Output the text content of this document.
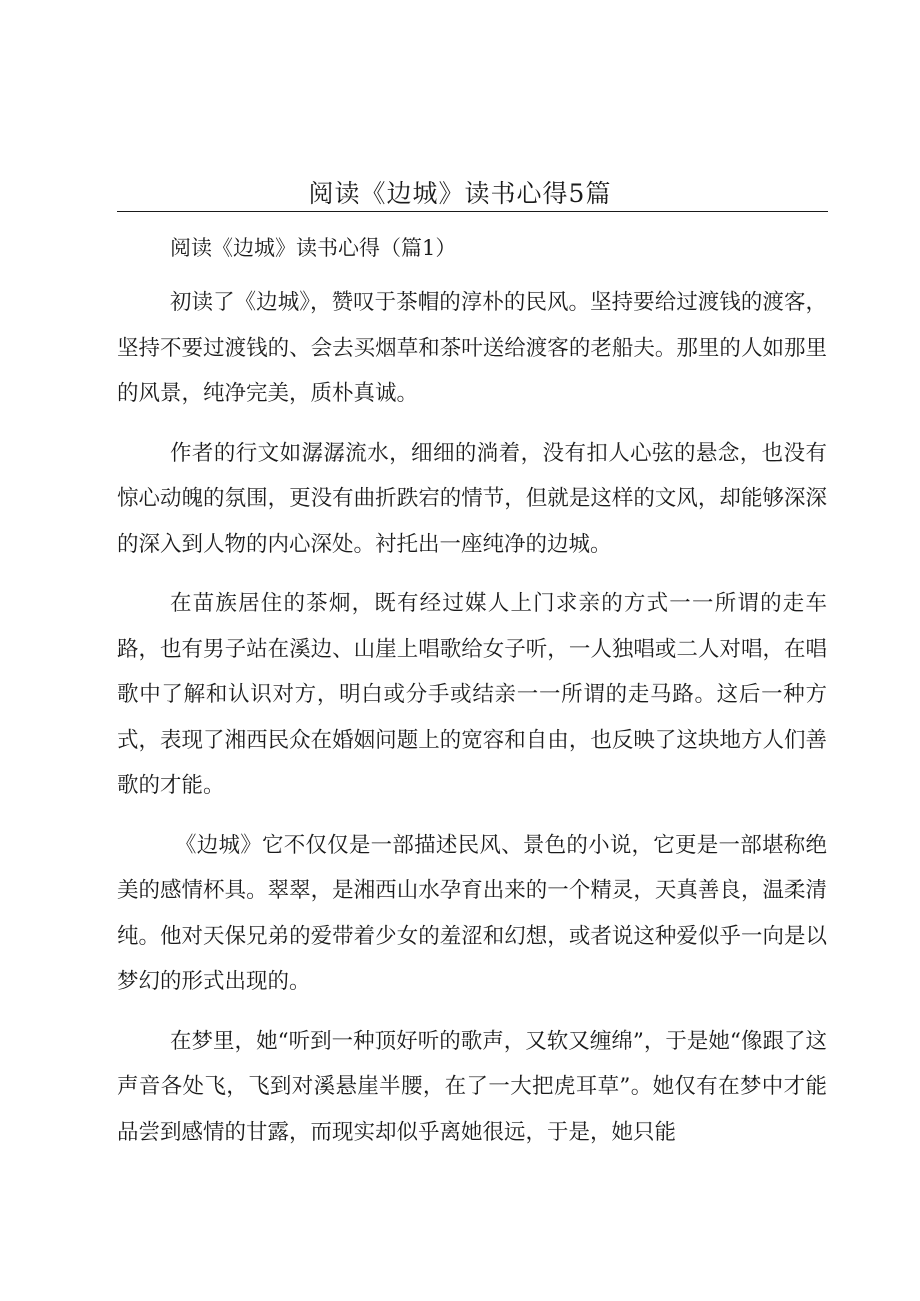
阅读《边城》读书心得5篇
阅读《边城》读书心得（篇1）

初读了《边城》，赞叹于茶帽的淳朴的民风。坚持要给过渡钱的渡客，坚持不要过渡钱的、会去买烟草和茶叶送给渡客的老船夫。那里的人如那里的风景，纯净完美，质朴真诚。

作者的行文如潺潺流水，细细的淌着，没有扣人心弦的悬念，也没有惊心动魄的氛围，更没有曲折跌宕的情节，但就是这样的文风，却能够深深的深入到人物的内心深处。衬托出一座纯净的边城。

在苗族居住的茶炯，既有经过媒人上门求亲的方式一一所谓的走车路，也有男子站在溪边、山崖上唱歌给女子听，一人独唱或二人对唱，在唱歌中了解和认识对方，明白或分手或结亲一一所谓的走马路。这后一种方式，表现了湘西民众在婚姻问题上的宽容和自由，也反映了这块地方人们善歌的才能。

《边城》它不仅仅是一部描述民风、景色的小说，它更是一部堪称绝美的感情杯具。翠翠，是湘西山水孕育出来的一个精灵，天真善良，温柔清纯。他对天保兄弟的爱带着少女的羞涩和幻想，或者说这种爱似乎一向是以梦幻的形式出现的。

在梦里，她“听到一种顶好听的歌声，又软又缠绵”，于是她“像跟了这声音各处飞，飞到对溪悬崖半腰，在了一大把虎耳草”。她仅有在梦中才能品尝到感情的甘露，而现实却似乎离她很远，于是，她只能
